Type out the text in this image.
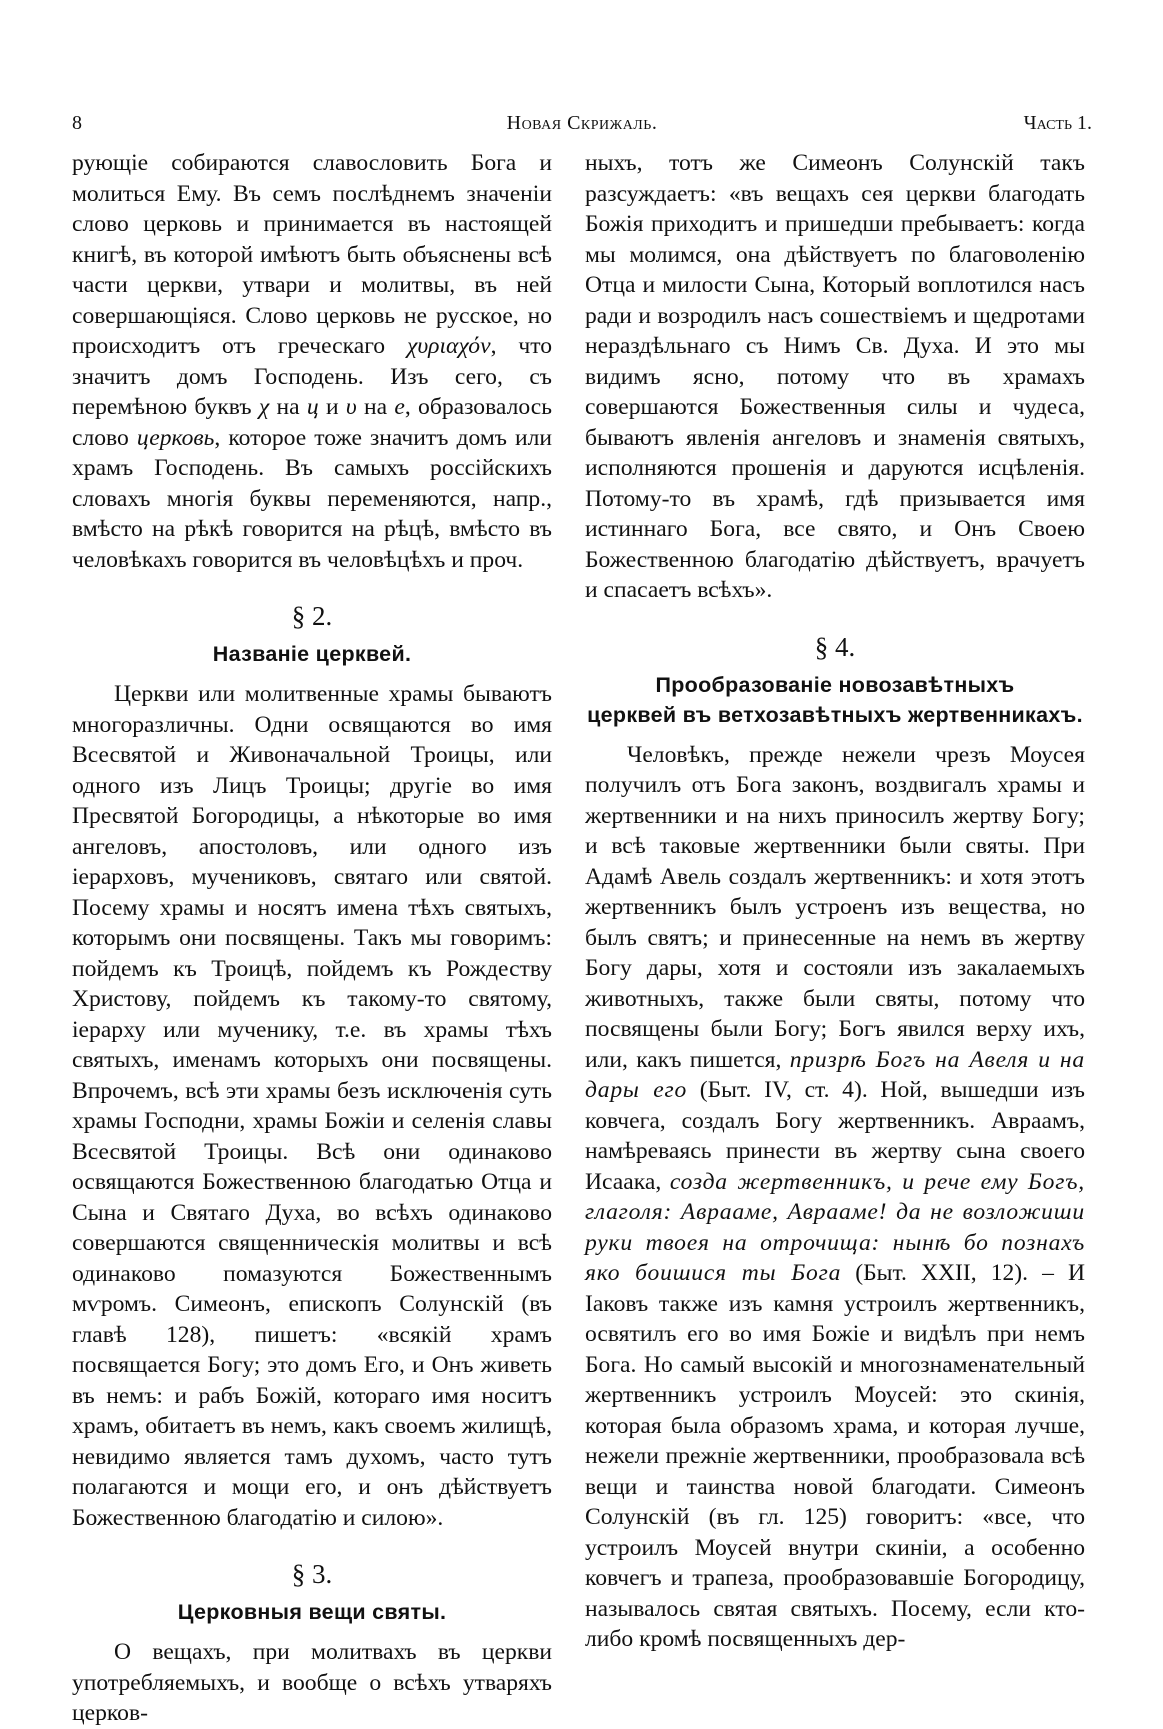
8	Новая Скрижаль.	Часть 1.

рующіе собираются славословить Бога и молиться Ему. Въ семъ послѣднемъ значеніи слово церковь и принимается въ настоящей книгѣ, въ которой имѣютъ быть объяснены всѣ части церкви, утвари и молитвы, въ ней совершающіяся. Слово церковь не русское, но происходитъ отъ греческаго χυριαχόν, что значитъ домъ Господень. Изъ сего, съ перемѣною буквъ χ на ц и υ на е, образовалось слово церковь, которое тоже значитъ домъ или храмъ Господень. Въ самыхъ россійскихъ словахъ многія буквы переменяются, напр., вмѣсто на рѣкѣ говорится на рѣцѣ, вмѣсто въ человѣкахъ говорится въ человѣцѣхъ и проч.

§ 2.
Названіе церквей.

Церкви или молитвенные храмы бываютъ многоразличны. Одни освящаются во имя Всесвятой и Живоначальной Троицы, или одного изъ Лицъ Троицы; другіе во имя Пресвятой Богородицы, а нѣкоторые во имя ангеловъ, апостоловъ, или одного изъ іерарховъ, мучениковъ, святаго или святой. Посему храмы и носятъ имена тѣхъ святыхъ, которымъ они посвящены. Такъ мы говоримъ: пойдемъ къ Троицѣ, пойдемъ къ Рождеству Христову, пойдемъ къ такому-то святому, іерарху или мученику, т.е. въ храмы тѣхъ святыхъ, именамъ которыхъ они посвящены. Впрочемъ, всѣ эти храмы безъ исключенія суть храмы Господни, храмы Божіи и селенія славы Всесвятой Троицы. Всѣ они одинаково освящаются Божественною благодатью Отца и Сына и Святаго Духа, во всѣхъ одинаково совершаются священническія молитвы и всѣ одинаково помазуются Божественнымъ мѵромъ. Симеонъ, епископъ Солунскій (въ главѣ 128), пишетъ: «всякій храмъ посвящается Богу; это домъ Его, и Онъ живеть въ немъ: и рабъ Божій, котораго имя носитъ храмъ, обитаетъ въ немъ, какъ своемъ жилищѣ, невидимо является тамъ духомъ, часто тутъ полагаются и мощи его, и онъ дѣйствуетъ Божественною благодатію и силою».

§ 3.
Церковныя вещи святы.

О вещахъ, при молитвахъ въ церкви употребляемыхъ, и вообще о всѣхъ утваряхъ церков-

ныхъ, тотъ же Симеонъ Солунскій такъ разсуждаетъ: «въ вещахъ сея церкви благодать Божія приходитъ и пришедши пребываетъ: когда мы молимся, она дѣйствуетъ по благоволенію Отца и милости Сына, Который воплотился насъ ради и возродилъ насъ сошествіемъ и щедротами нераздѣльнаго съ Нимъ Св. Духа. И это мы видимъ ясно, потому что въ храмахъ совершаются Божественныя силы и чудеса, бываютъ явленія ангеловъ и знаменія святыхъ, исполняются прошенія и даруются исцѣленія. Потому-то въ храмѣ, гдѣ призывается имя истиннаго Бога, все свято, и Онъ Своею Божественною благодатію дѣйствуетъ, врачуетъ и спасаетъ всѣхъ».

§ 4.
Прообразованіе новозавѣтныхъ
церквей въ ветхозавѣтныхъ жертвенникахъ.

Человѣкъ, прежде нежели чрезъ Моусея получилъ отъ Бога законъ, воздвигалъ храмы и жертвенники и на нихъ приносилъ жертву Богу; и всѣ таковые жертвенники были святы. При Адамѣ Авель создалъ жертвенникъ: и хотя этотъ жертвенникъ былъ устроенъ изъ вещества, но былъ святъ; и принесенные на немъ въ жертву Богу дары, хотя и состояли изъ закалаемыхъ животныхъ, также были святы, потому что посвящены были Богу; Богъ явился верху ихъ, или, какъ пишется, призрѣ Богъ на Авеля и на дары его (Быт. IV, ст. 4). Ной, вышедши изъ ковчега, создалъ Богу жертвенникъ. Авраамъ, намѣреваясь принести въ жертву сына своего Исаака, созда жертвенникъ, и рече ему Богъ, глаголя: Аврааме, Аврааме! да не возложиши руки твоея на отрочища: нынѣ бо познахъ яко боишися ты Бога (Быт. XXII, 12). – И Іаковъ также изъ камня устроилъ жертвенникъ, освятилъ его во имя Божіе и видѣлъ при немъ Бога. Но самый высокій и многознаменательный жертвенникъ устроилъ Моусей: это скинія, которая была образомъ храма, и которая лучше, нежели прежніе жертвенники, прообразовала всѣ вещи и таинства новой благодати. Симеонъ Солунскій (въ гл. 125) говоритъ: «все, что устроилъ Моусей внутри скиніи, а особенно ковчегъ и трапеза, прообразовавшіе Богородицу, называлось святая святыхъ. Посему, если кто-либо кромѣ посвященныхъ дер-
